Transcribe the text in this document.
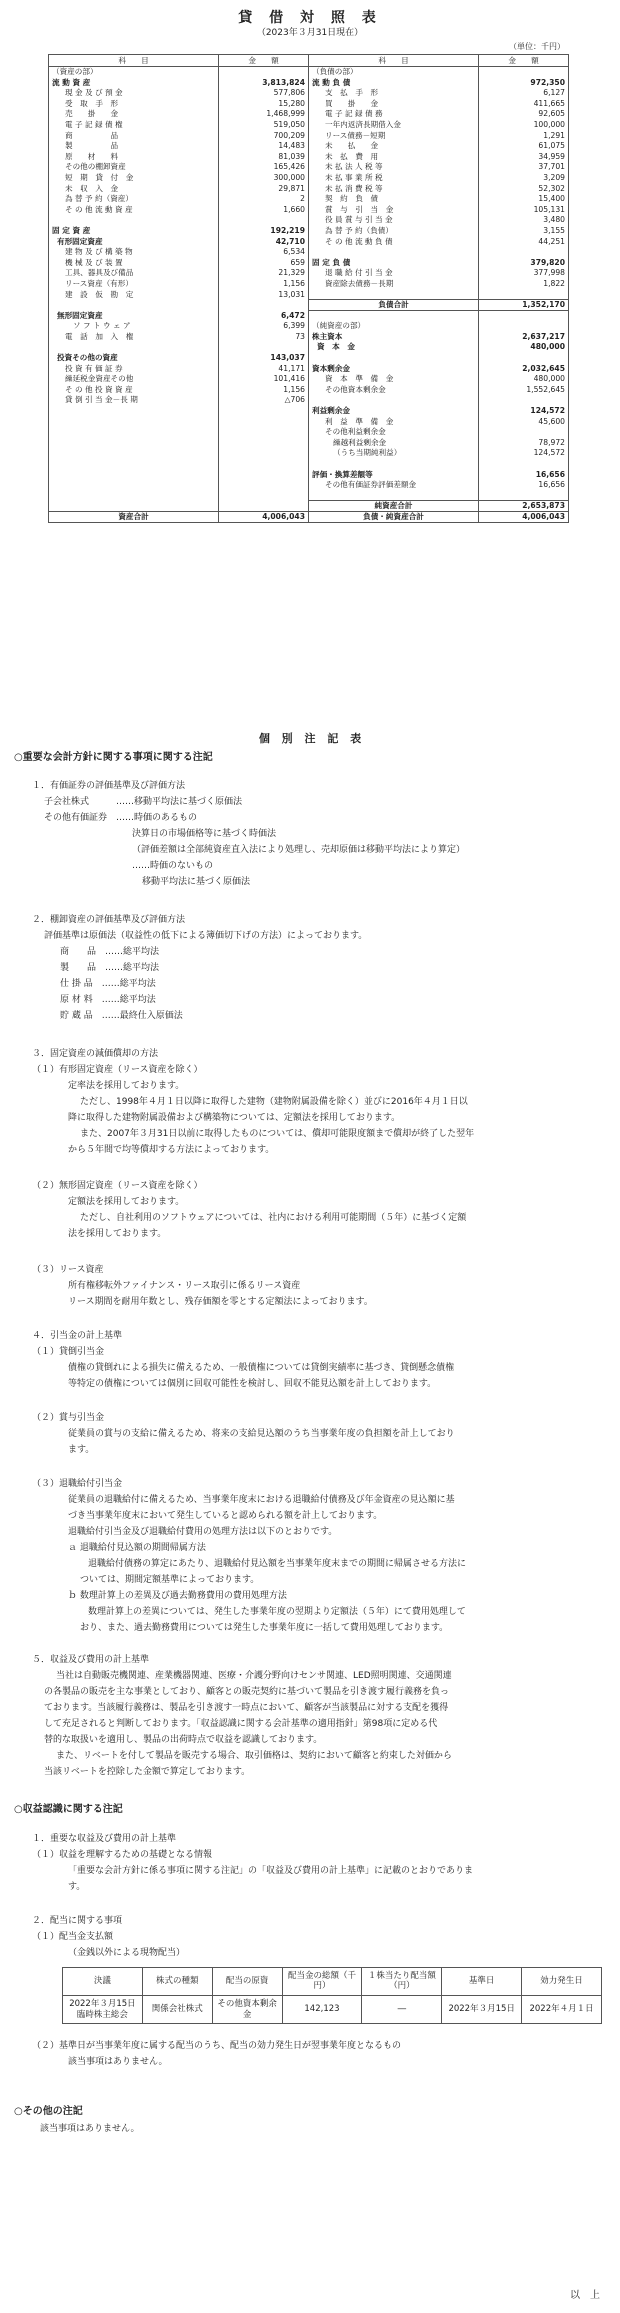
貸 借 対 照 表
（2023年３月31日現在）
（単位：千円）
科　　目	金　　額	科　　目	金　　額
（資産の部）		（負債の部）	
流 動 資 産	3,813,824	流 動 負 債	972,350
現 金 及 び 預 金	577,806	支　払　手　形	6,127
受　取　手　形	15,280	買　　掛　　金	411,665
売　　掛　　金	1,468,999	電 子 記 録 債 務	92,605
電 子 記 録 債 権	519,050	一年内返済長期借入金	100,000
商　　　　　品	700,209	リース債務－短期	1,291
製　　　　　品	14,483	未　　払　　金	61,075
原　　材　　料	81,039	未　払　費　用	34,959
その他の棚卸資産	165,426	未 払 法 人 税 等	37,701
短　期　貸　付　金	300,000	未 払 事 業 所 税	3,209
未　収　入　金	29,871	未 払 消 費 税 等	52,302
為 替 予 約（資産）	2	契　約　負　債	15,400
そ の 他 流 動 資 産	1,660	賞　与　引　当　金	105,131
		役 員 賞 与 引 当 金	3,480
固 定 資 産	192,219	為 替 予 約（負債）	3,155
有形固定資産	42,710	そ の 他 流 動 負 債	44,251
建 物 及 び 構 築 物	6,534		
機 械 及 び 装 置	659	固 定 負 債	379,820
工具、器具及び備品	21,329	退 職 給 付 引 当 金	377,998
リース資産（有形）	1,156	資産除去債務－長期	1,822
建　設　仮　勘　定	13,031		
		負債合計	1,352,170
無形固定資産	6,472		
ソ フ ト ウ ェ ア	6,399	（純資産の部）	
電　話　加　入　権	73	株主資本	2,637,217
		資　本　金	480,000
投資その他の資産	143,037		
投 資 有 価 証 券	41,171	資本剰余金	2,032,645
繰延税金資産その他	101,416	資　本　準　備　金	480,000
そ の 他 投 資 資 産	1,156	その他資本剰余金	1,552,645
貸 倒 引 当 金－長 期	△706		
		利益剰余金	124,572
		利　益　準　備　金	45,600
		その他利益剰余金	
		繰越利益剰余金	78,972
		（うち当期純利益）	124,572

		評価・換算差額等	16,656
		その他有価証券評価差額金	16,656

		純資産合計	2,653,873
資産合計	4,006,043	負債・純資産合計	4,006,043
個 別 注 記 表
○重要な会計方針に関する事項に関する注記
１．有価証券の評価基準及び評価方法
子会社株式　　　……移動平均法に基づく原価法
その他有価証券　……時価のあるもの
決算日の市場価格等に基づく時価法
（評価差額は全部純資産直入法により処理し、売却原価は移動平均法により算定）
……時価のないもの
移動平均法に基づく原価法
２．棚卸資産の評価基準及び評価方法
評価基準は原価法（収益性の低下による簿価切下げの方法）によっております。
商　　品　……総平均法
製　　品　……総平均法
仕 掛 品　……総平均法
原 材 料　……総平均法
貯 蔵 品　……最終仕入原価法
３．固定資産の減価償却の方法
（１）有形固定資産（リース資産を除く）
定率法を採用しております。
ただし、1998年４月１日以降に取得した建物（建物附属設備を除く）並びに2016年４月１日以
降に取得した建物附属設備および構築物については、定額法を採用しております。
また、2007年３月31日以前に取得したものについては、償却可能限度額まで償却が終了した翌年
から５年間で均等償却する方法によっております。
（２）無形固定資産（リース資産を除く）
定額法を採用しております。
ただし、自社利用のソフトウェアについては、社内における利用可能期間（５年）に基づく定額
法を採用しております。
（３）リース資産
所有権移転外ファイナンス・リース取引に係るリース資産
リース期間を耐用年数とし、残存価額を零とする定額法によっております。
４．引当金の計上基準
（１）貸倒引当金
債権の貸倒れによる損失に備えるため、一般債権については貸倒実績率に基づき、貸倒懸念債権
等特定の債権については個別に回収可能性を検討し、回収不能見込額を計上しております。
（２）賞与引当金
従業員の賞与の支給に備えるため、将来の支給見込額のうち当事業年度の負担額を計上しており
ます。
（３）退職給付引当金
従業員の退職給付に備えるため、当事業年度末における退職給付債務及び年金資産の見込額に基
づき当事業年度末において発生していると認められる額を計上しております。
退職給付引当金及び退職給付費用の処理方法は以下のとおりです。
ａ 退職給付見込額の期間帰属方法
退職給付債務の算定にあたり、退職給付見込額を当事業年度末までの期間に帰属させる方法に
ついては、期間定額基準によっております。
ｂ 数理計算上の差異及び過去勤務費用の費用処理方法
数理計算上の差異については、発生した事業年度の翌期より定額法（５年）にて費用処理して
おり、また、過去勤務費用については発生した事業年度に一括して費用処理しております。
５．収益及び費用の計上基準
当社は自動販売機関連、産業機器関連、医療・介護分野向けセンサ関連、LED照明関連、交通関連
の各製品の販売を主な事業としており、顧客との販売契約に基づいて製品を引き渡す履行義務を負っ
ております。当該履行義務は、製品を引き渡す一時点において、顧客が当該製品に対する支配を獲得
して充足されると判断しております。「収益認識に関する会計基準の適用指針」第98項に定める代
替的な取扱いを適用し、製品の出荷時点で収益を認識しております。
また、リベートを付して製品を販売する場合、取引価格は、契約において顧客と約束した対価から
当該リベートを控除した金額で算定しております。
○収益認識に関する注記
１．重要な収益及び費用の計上基準
（１）収益を理解するための基礎となる情報
「重要な会計方針に係る事項に関する注記」の「収益及び費用の計上基準」に記載のとおりでありま
す。
２．配当に関する事項
（１）配当金支払額
（金銭以外による現物配当）
決議	株式の種類	配当の原資	配当金の総額（千円）	１株当たり配当額（円）	基準日	効力発生日
2022年３月15日臨時株主総会	関係会社株式	その他資本剰余金	142,123	―	2022年３月15日	2022年４月１日
（２）基準日が当事業年度に属する配当のうち、配当の効力発生日が翌事業年度となるもの
該当事項はありません。
○その他の注記
該当事項はありません。
以　上
